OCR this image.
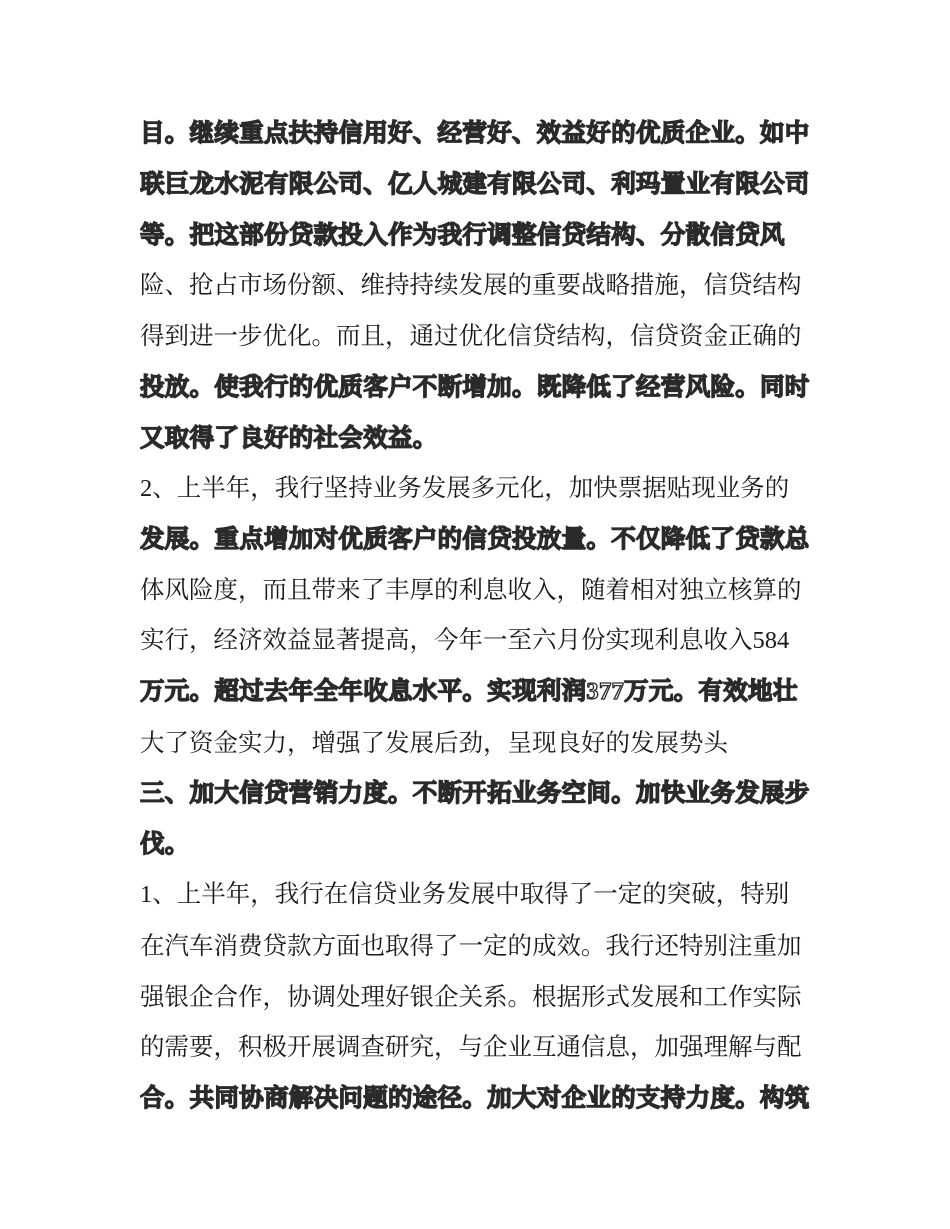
目。继续重点扶持信用好、经营好、效益好的优质企业。如中
联巨龙水泥有限公司、亿人城建有限公司、利玛置业有限公司
等。把这部份贷款投入作为我行调整信贷结构、分散信贷风
险、抢占市场份额、维持持续发展的重要战略措施，信贷结构
得到进一步优化。而且，通过优化信贷结构，信贷资金正确的
投放。使我行的优质客户不断增加。既降低了经营风险。同时
又取得了良好的社会效益。
2、上半年，我行坚持业务发展多元化，加快票据贴现业务的
发展。重点增加对优质客户的信贷投放量。不仅降低了贷款总
体风险度，而且带来了丰厚的利息收入，随着相对独立核算的
实行，经济效益显著提高，今年一至六月份实现利息收入584
万元。超过去年全年收息水平。实现利润377万元。有效地壮
大了资金实力，增强了发展后劲，呈现良好的发展势头
三、加大信贷营销力度。不断开拓业务空间。加快业务发展步
伐。
1、上半年，我行在信贷业务发展中取得了一定的突破，特别
在汽车消费贷款方面也取得了一定的成效。我行还特别注重加
强银企合作，协调处理好银企关系。根据形式发展和工作实际
的需要，积极开展调查研究，与企业互通信息，加强理解与配
合。共同协商解决问题的途径。加大对企业的支持力度。构筑
